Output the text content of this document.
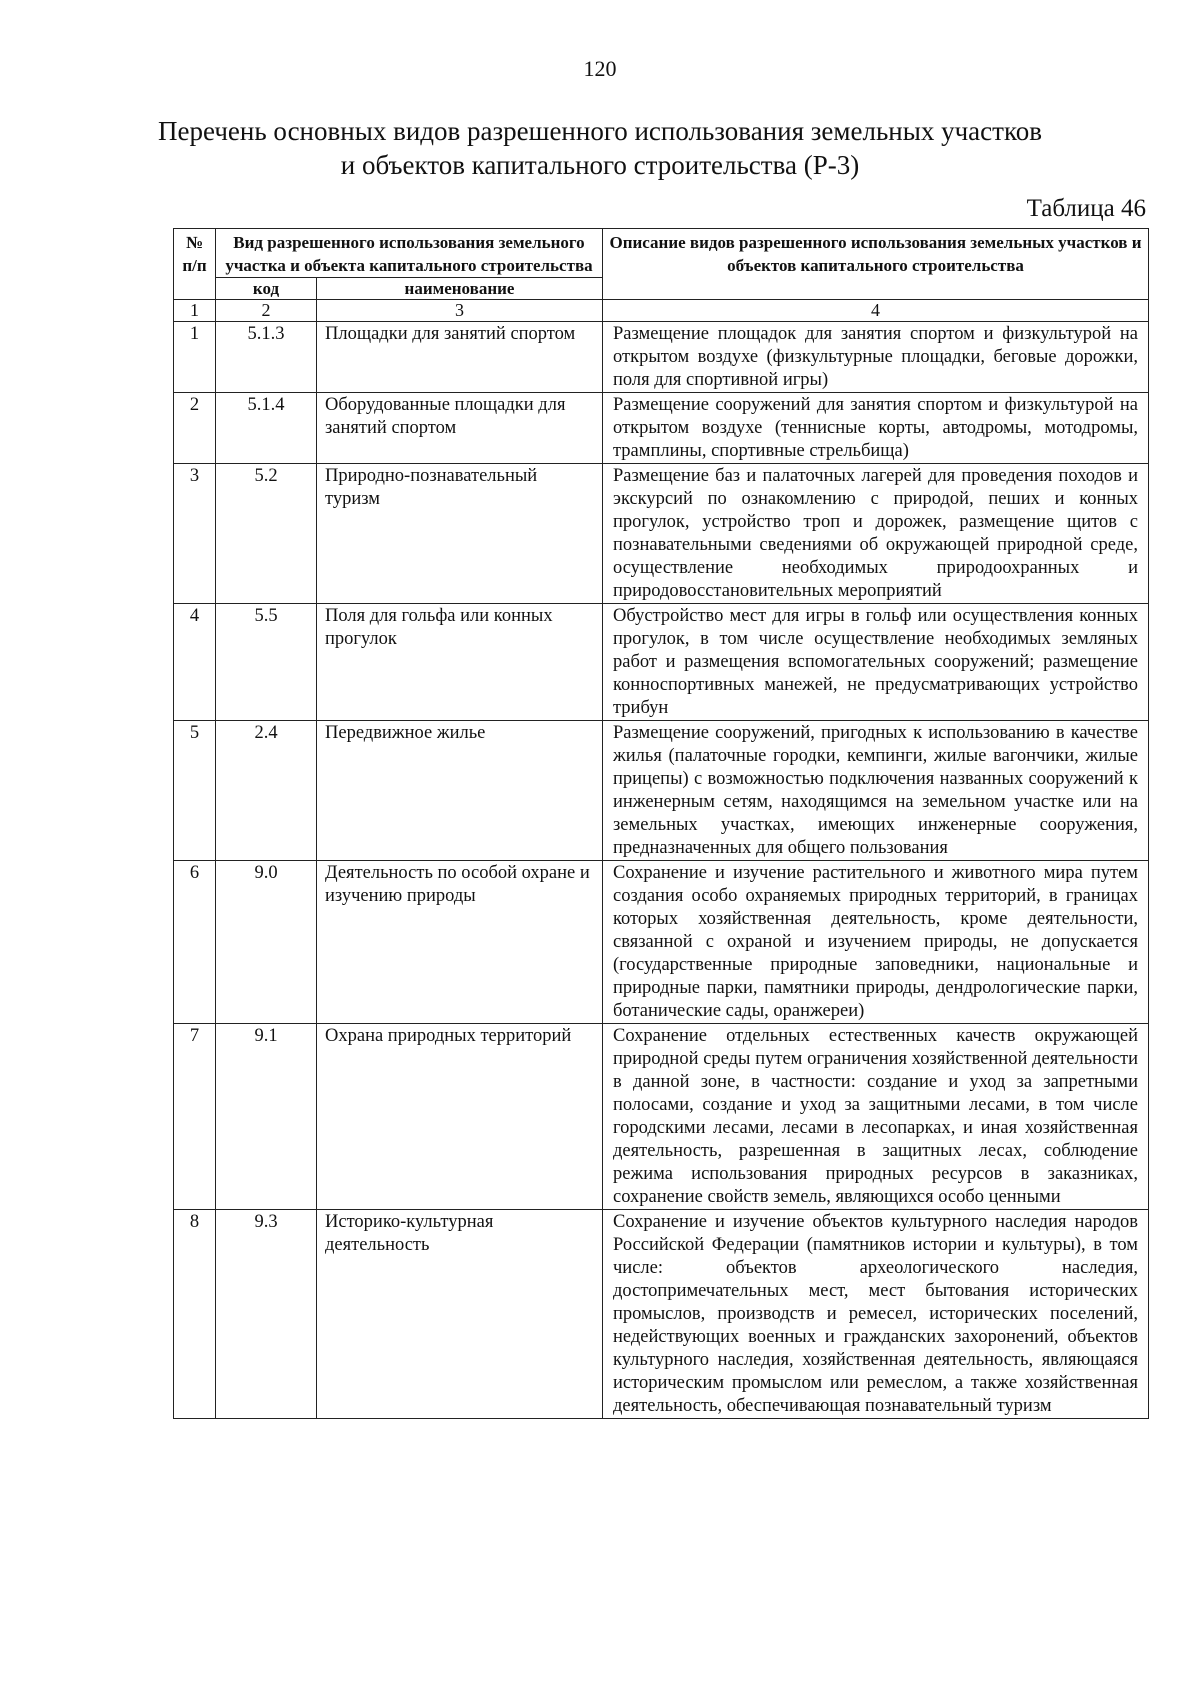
120
Перечень основных видов разрешенного использования земельных участков
и объектов капитального строительства (Р-3)
Таблица 46
№ п/п	Вид разрешенного использования земельного участка и объекта капитального строительства		Описание видов разрешенного использования земельных участков и объектов капитального строительства
	код	наименование	
1	2	3	4
1	5.1.3	Площадки для занятий спортом	Размещение площадок для занятия спортом и физкультурой на открытом воздухе (физкультурные площадки, беговые дорожки, поля для спортивной игры)
2	5.1.4	Оборудованные площадки для занятий спортом	Размещение сооружений для занятия спортом и физкультурой на открытом воздухе (теннисные корты, автодромы, мотодромы, трамплины, спортивные стрельбища)
3	5.2	Природно-познавательный туризм	Размещение баз и палаточных лагерей для проведения походов и экскурсий по ознакомлению с природой, пеших и конных прогулок, устройство троп и дорожек, размещение щитов с познавательными сведениями об окружающей природной среде, осуществление необходимых природоохранных и природовосстановительных мероприятий
4	5.5	Поля для гольфа или конных прогулок	Обустройство мест для игры в гольф или осуществления конных прогулок, в том числе осуществление необходимых земляных работ и размещения вспомогательных сооружений; размещение конноспортивных манежей, не предусматривающих устройство трибун
5	2.4	Передвижное жилье	Размещение сооружений, пригодных к использованию в качестве жилья (палаточные городки, кемпинги, жилые вагончики, жилые прицепы) с возможностью подключения названных сооружений к инженерным сетям, находящимся на земельном участке или на земельных участках, имеющих инженерные сооружения, предназначенных для общего пользования
6	9.0	Деятельность по особой охране и изучению природы	Сохранение и изучение растительного и животного мира путем создания особо охраняемых природных территорий, в границах которых хозяйственная деятельность, кроме деятельности, связанной с охраной и изучением природы, не допускается (государственные природные заповедники, национальные и природные парки, памятники природы, дендрологические парки, ботанические сады, оранжереи)
7	9.1	Охрана природных территорий	Сохранение отдельных естественных качеств окружающей природной среды путем ограничения хозяйственной деятельности в данной зоне, в частности: создание и уход за запретными полосами, создание и уход за защитными лесами, в том числе городскими лесами, лесами в лесопарках, и иная хозяйственная деятельность, разрешенная в защитных лесах, соблюдение режима использования природных ресурсов в заказниках, сохранение свойств земель, являющихся особо ценными
8	9.3	Историко-культурная деятельность	Сохранение и изучение объектов культурного наследия народов Российской Федерации (памятников истории и культуры), в том числе: объектов археологического наследия, достопримечательных мест, мест бытования исторических промыслов, производств и ремесел, исторических поселений, недействующих военных и гражданских захоронений, объектов культурного наследия, хозяйственная деятельность, являющаяся историческим промыслом или ремеслом, а также хозяйственная деятельность, обеспечивающая познавательный туризм
